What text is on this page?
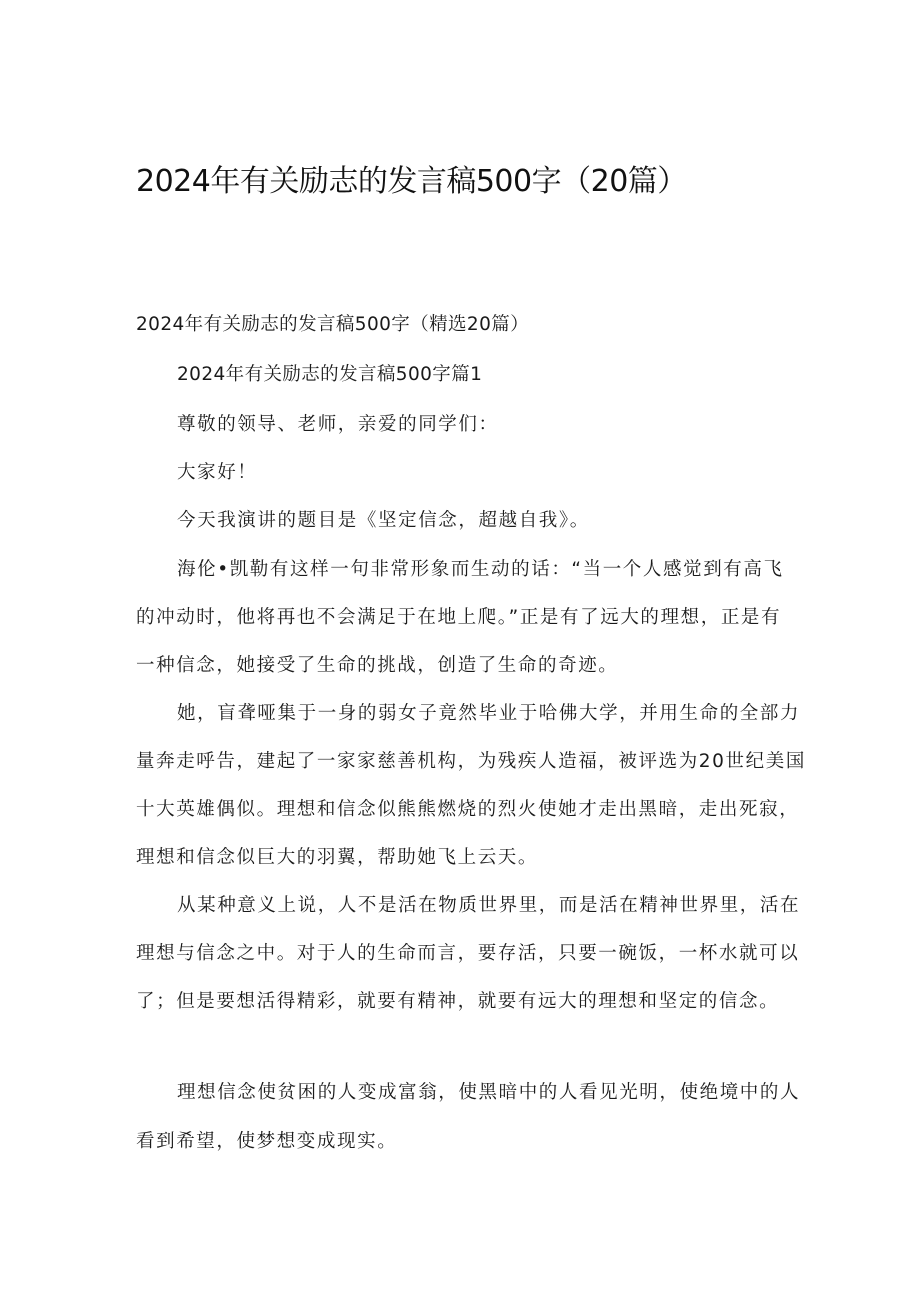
2024年有关励志的发言稿500字（20篇）
2024年有关励志的发言稿500字（精选20篇）
2024年有关励志的发言稿500字篇1
尊敬的领导、老师，亲爱的同学们：
大家好！
今天我演讲的题目是《坚定信念，超越自我》。
海伦•凯勒有这样一句非常形象而生动的话：“当一个人感觉到有高飞
的冲动时，他将再也不会满足于在地上爬。”正是有了远大的理想，正是有
一种信念，她接受了生命的挑战，创造了生命的奇迹。
她，盲聋哑集于一身的弱女子竟然毕业于哈佛大学，并用生命的全部力
量奔走呼告，建起了一家家慈善机构，为残疾人造福，被评选为20世纪美国
十大英雄偶似。理想和信念似熊熊燃烧的烈火使她才走出黑暗，走出死寂，
理想和信念似巨大的羽翼，帮助她飞上云天。
从某种意义上说，人不是活在物质世界里，而是活在精神世界里，活在
理想与信念之中。对于人的生命而言，要存活，只要一碗饭，一杯水就可以
了；但是要想活得精彩，就要有精神，就要有远大的理想和坚定的信念。
理想信念使贫困的人变成富翁，使黑暗中的人看见光明，使绝境中的人
看到希望，使梦想变成现实。
